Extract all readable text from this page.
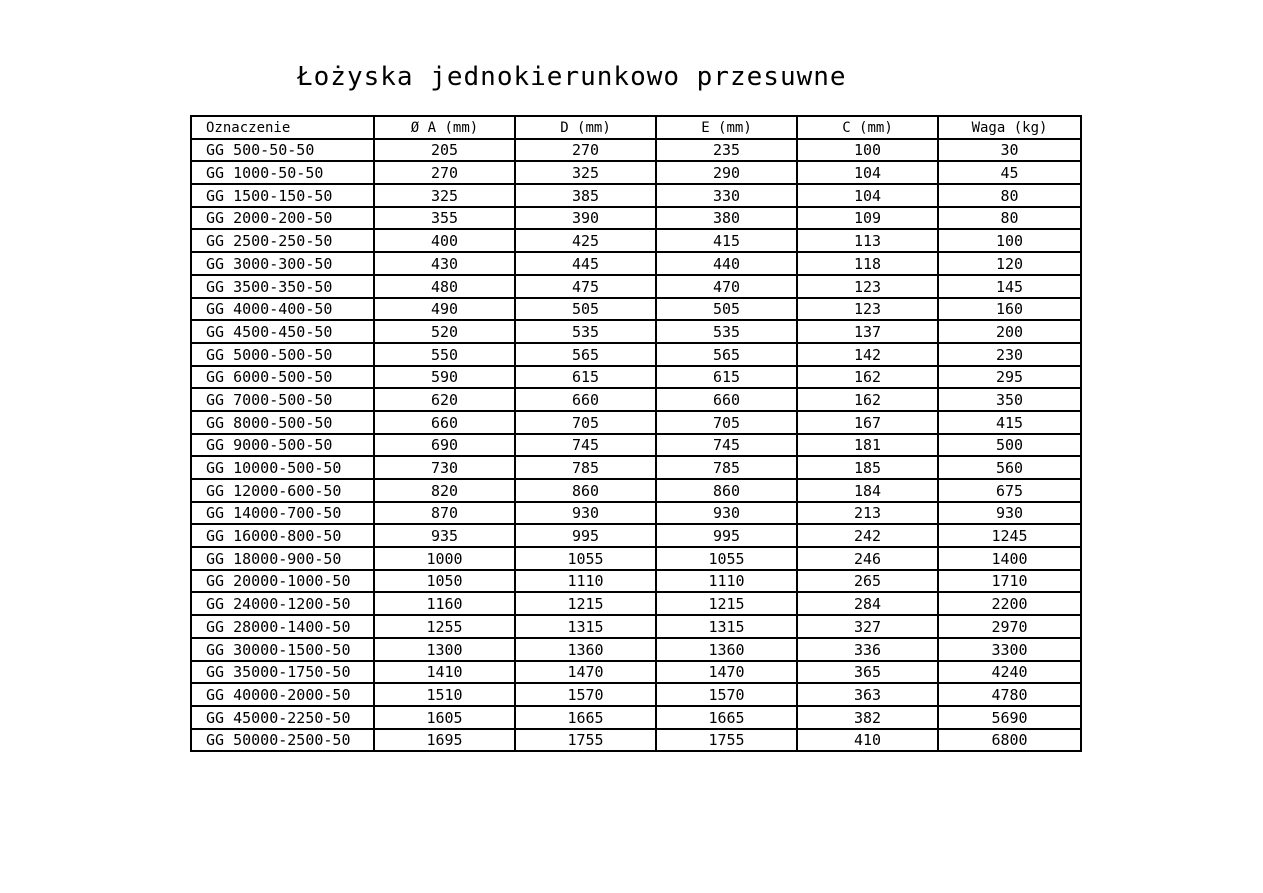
Łożyska jednokierunkowo przesuwne
Oznaczenie	Ø A (mm)	D (mm)	E (mm)	C (mm)	Waga (kg)
GG 500-50-50	205	270	235	100	30
GG 1000-50-50	270	325	290	104	45
GG 1500-150-50	325	385	330	104	80
GG 2000-200-50	355	390	380	109	80
GG 2500-250-50	400	425	415	113	100
GG 3000-300-50	430	445	440	118	120
GG 3500-350-50	480	475	470	123	145
GG 4000-400-50	490	505	505	123	160
GG 4500-450-50	520	535	535	137	200
GG 5000-500-50	550	565	565	142	230
GG 6000-500-50	590	615	615	162	295
GG 7000-500-50	620	660	660	162	350
GG 8000-500-50	660	705	705	167	415
GG 9000-500-50	690	745	745	181	500
GG 10000-500-50	730	785	785	185	560
GG 12000-600-50	820	860	860	184	675
GG 14000-700-50	870	930	930	213	930
GG 16000-800-50	935	995	995	242	1245
GG 18000-900-50	1000	1055	1055	246	1400
GG 20000-1000-50	1050	1110	1110	265	1710
GG 24000-1200-50	1160	1215	1215	284	2200
GG 28000-1400-50	1255	1315	1315	327	2970
GG 30000-1500-50	1300	1360	1360	336	3300
GG 35000-1750-50	1410	1470	1470	365	4240
GG 40000-2000-50	1510	1570	1570	363	4780
GG 45000-2250-50	1605	1665	1665	382	5690
GG 50000-2500-50	1695	1755	1755	410	6800
